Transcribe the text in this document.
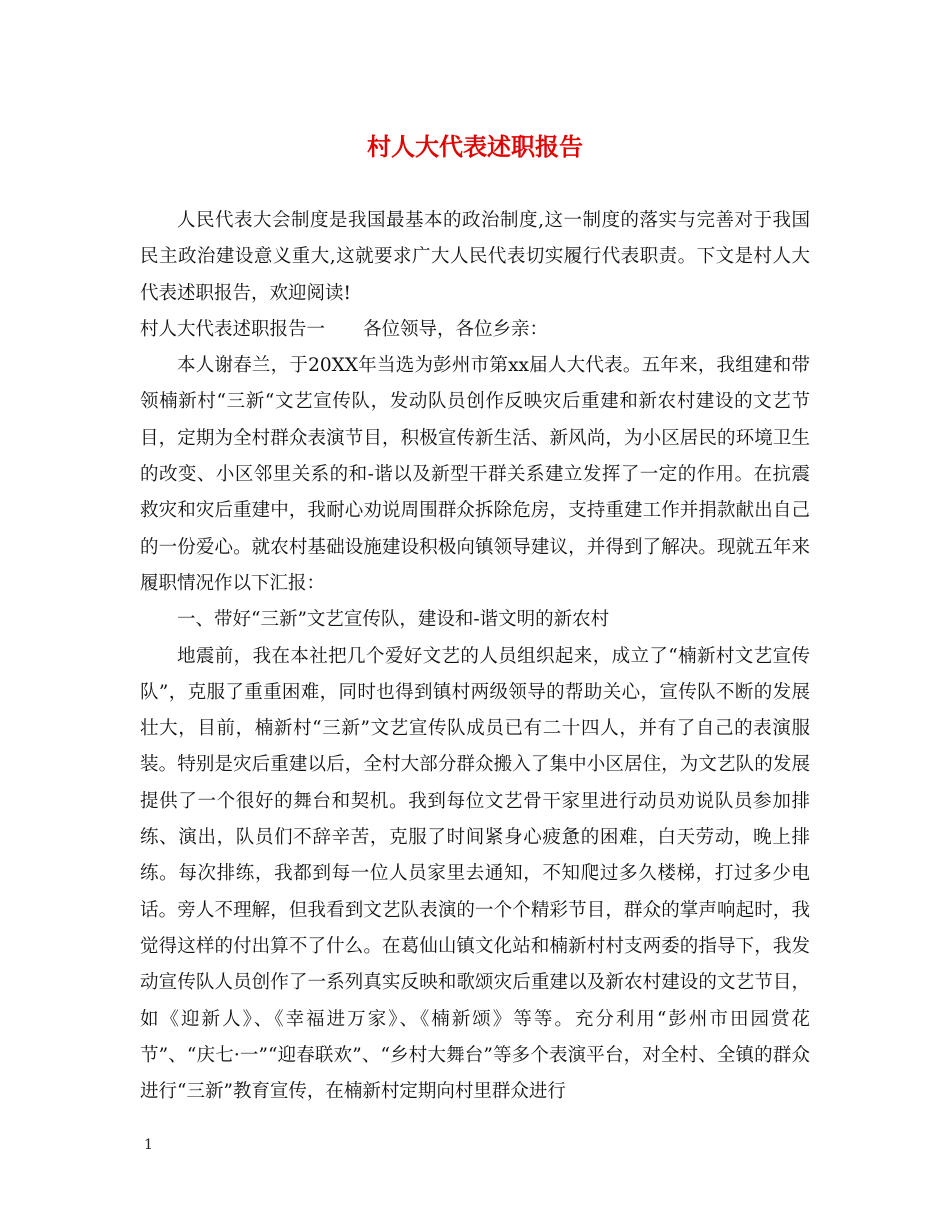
村人大代表述职报告

人民代表大会制度是我国最基本的政治制度,这一制度的落实与完善对于我国民主政治建设意义重大,这就要求广大人民代表切实履行代表职责。下文是村人大代表述职报告，欢迎阅读!

村人大代表述职报告一 各位领导，各位乡亲：

本人谢春兰，于20XX年当选为彭州市第xx届人大代表。五年来，我组建和带领楠新村“三新“文艺宣传队，发动队员创作反映灾后重建和新农村建设的文艺节目，定期为全村群众表演节目，积极宣传新生活、新风尚，为小区居民的环境卫生的改变、小区邻里关系的和-谐以及新型干群关系建立发挥了一定的作用。在抗震救灾和灾后重建中，我耐心劝说周围群众拆除危房，支持重建工作并捐款献出自己的一份爱心。就农村基础设施建设积极向镇领导建议，并得到了解决。现就五年来履职情况作以下汇报：

一、带好“三新”文艺宣传队，建设和-谐文明的新农村

地震前，我在本社把几个爱好文艺的人员组织起来，成立了“楠新村文艺宣传队”，克服了重重困难，同时也得到镇村两级领导的帮助关心，宣传队不断的发展壮大，目前，楠新村“三新”文艺宣传队成员已有二十四人，并有了自己的表演服装。特别是灾后重建以后，全村大部分群众搬入了集中小区居住，为文艺队的发展提供了一个很好的舞台和契机。我到每位文艺骨干家里进行动员劝说队员参加排练、演出，队员们不辞辛苦，克服了时间紧身心疲惫的困难，白天劳动，晚上排练。每次排练，我都到每一位人员家里去通知，不知爬过多久楼梯，打过多少电话。旁人不理解，但我看到文艺队表演的一个个精彩节目，群众的掌声响起时，我觉得这样的付出算不了什么。在葛仙山镇文化站和楠新村村支两委的指导下，我发动宣传队人员创作了一系列真实反映和歌颂灾后重建以及新农村建设的文艺节目，如《迎新人》、《幸福进万家》、《楠新颂》等等。充分利用“彭州市田园赏花节”、“庆七·一”“迎春联欢”、“乡村大舞台”等多个表演平台，对全村、全镇的群众进行“三新”教育宣传，在楠新村定期向村里群众进行

1
